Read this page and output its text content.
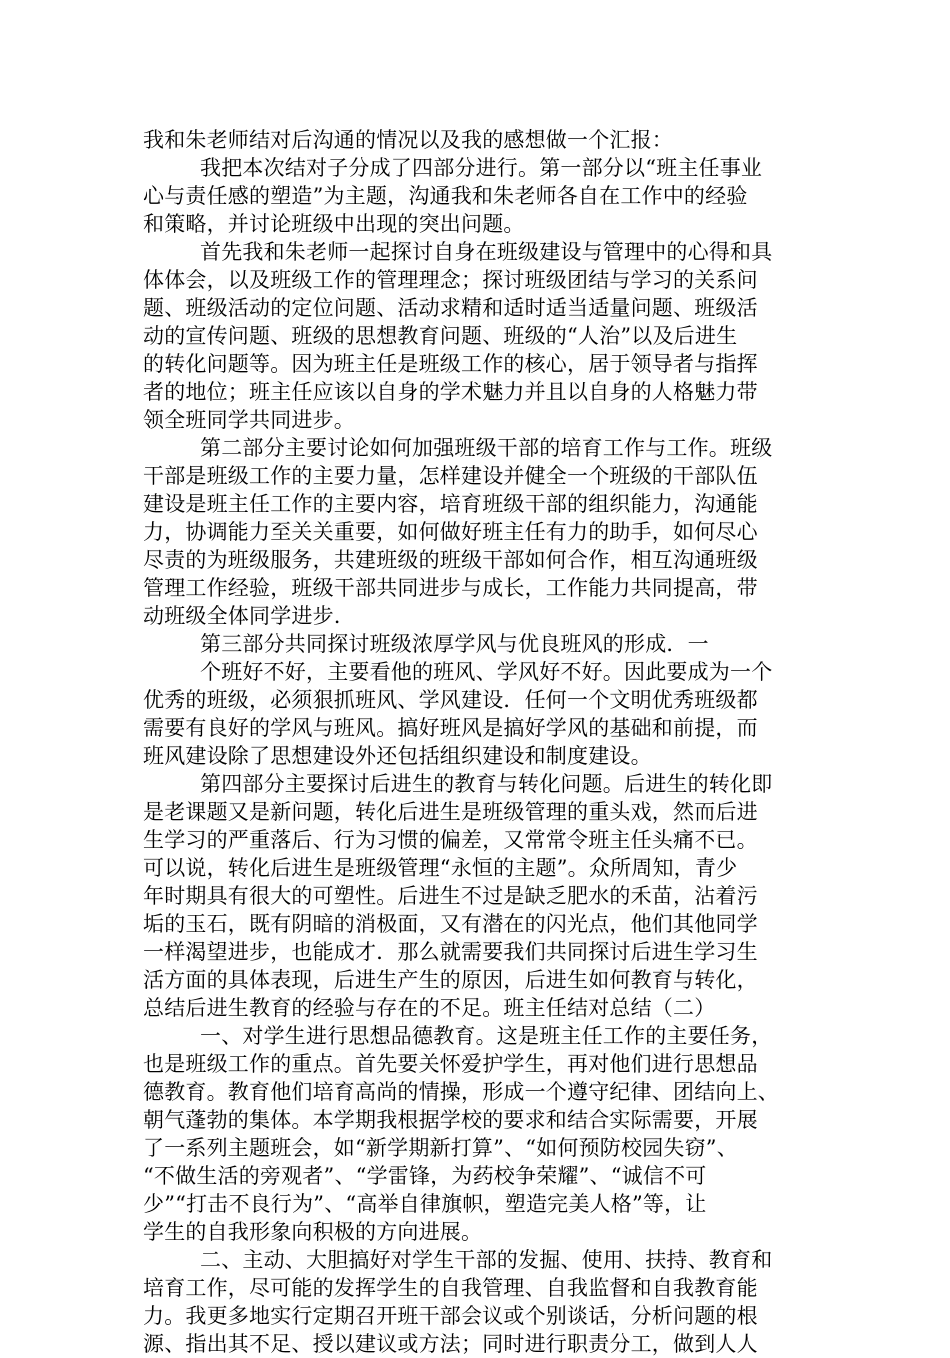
我和朱老师结对后沟通的情况以及我的感想做一个汇报：
我把本次结对子分成了四部分进行。第一部分以“班主任事业
心与责任感的塑造”为主题，沟通我和朱老师各自在工作中的经验
和策略，并讨论班级中出现的突出问题。
首先我和朱老师一起探讨自身在班级建设与管理中的心得和具
体体会，以及班级工作的管理理念；探讨班级团结与学习的关系问
题、班级活动的定位问题、活动求精和适时适当适量问题、班级活
动的宣传问题、班级的思想教育问题、班级的“人治”以及后进生
的转化问题等。因为班主任是班级工作的核心，居于领导者与指挥
者的地位；班主任应该以自身的学术魅力并且以自身的人格魅力带
领全班同学共同进步。
第二部分主要讨论如何加强班级干部的培育工作与工作。班级
干部是班级工作的主要力量，怎样建设并健全一个班级的干部队伍
建设是班主任工作的主要内容，培育班级干部的组织能力，沟通能
力，协调能力至关关重要，如何做好班主任有力的助手，如何尽心
尽责的为班级服务，共建班级的班级干部如何合作，相互沟通班级
管理工作经验，班级干部共同进步与成长，工作能力共同提高，带
动班级全体同学进步.
第三部分共同探讨班级浓厚学风与优良班风的形成．一
个班好不好，主要看他的班风、学风好不好。因此要成为一个
优秀的班级，必须狠抓班风、学风建设．任何一个文明优秀班级都
需要有良好的学风与班风。搞好班风是搞好学风的基础和前提，而
班风建设除了思想建设外还包括组织建设和制度建设。
第四部分主要探讨后进生的教育与转化问题。后进生的转化即
是老课题又是新问题，转化后进生是班级管理的重头戏，然而后进
生学习的严重落后、行为习惯的偏差，又常常令班主任头痛不已。
可以说，转化后进生是班级管理“永恒的主题”。众所周知，青少
年时期具有很大的可塑性。后进生不过是缺乏肥水的禾苗，沾着污
垢的玉石，既有阴暗的消极面，又有潜在的闪光点，他们其他同学
一样渴望进步，也能成才．那么就需要我们共同探讨后进生学习生
活方面的具体表现，后进生产生的原因，后进生如何教育与转化，
总结后进生教育的经验与存在的不足。班主任结对总结（二）
一、对学生进行思想品德教育。这是班主任工作的主要任务，
也是班级工作的重点。首先要关怀爱护学生，再对他们进行思想品
德教育。教育他们培育高尚的情操，形成一个遵守纪律、团结向上、
朝气蓬勃的集体。本学期我根据学校的要求和结合实际需要，开展
了一系列主题班会，如“新学期新打算”、“如何预防校园失窃”、
“不做生活的旁观者”、“学雷锋，为药校争荣耀”、“诚信不可
少”“打击不良行为”、“高举自律旗帜，塑造完美人格”等，让
学生的自我形象向积极的方向进展。
二、主动、大胆搞好对学生干部的发掘、使用、扶持、教育和
培育工作，尽可能的发挥学生的自我管理、自我监督和自我教育能
力。我更多地实行定期召开班干部会议或个别谈话，分析问题的根
源、指出其不足、授以建议或方法；同时进行职责分工，做到人人
